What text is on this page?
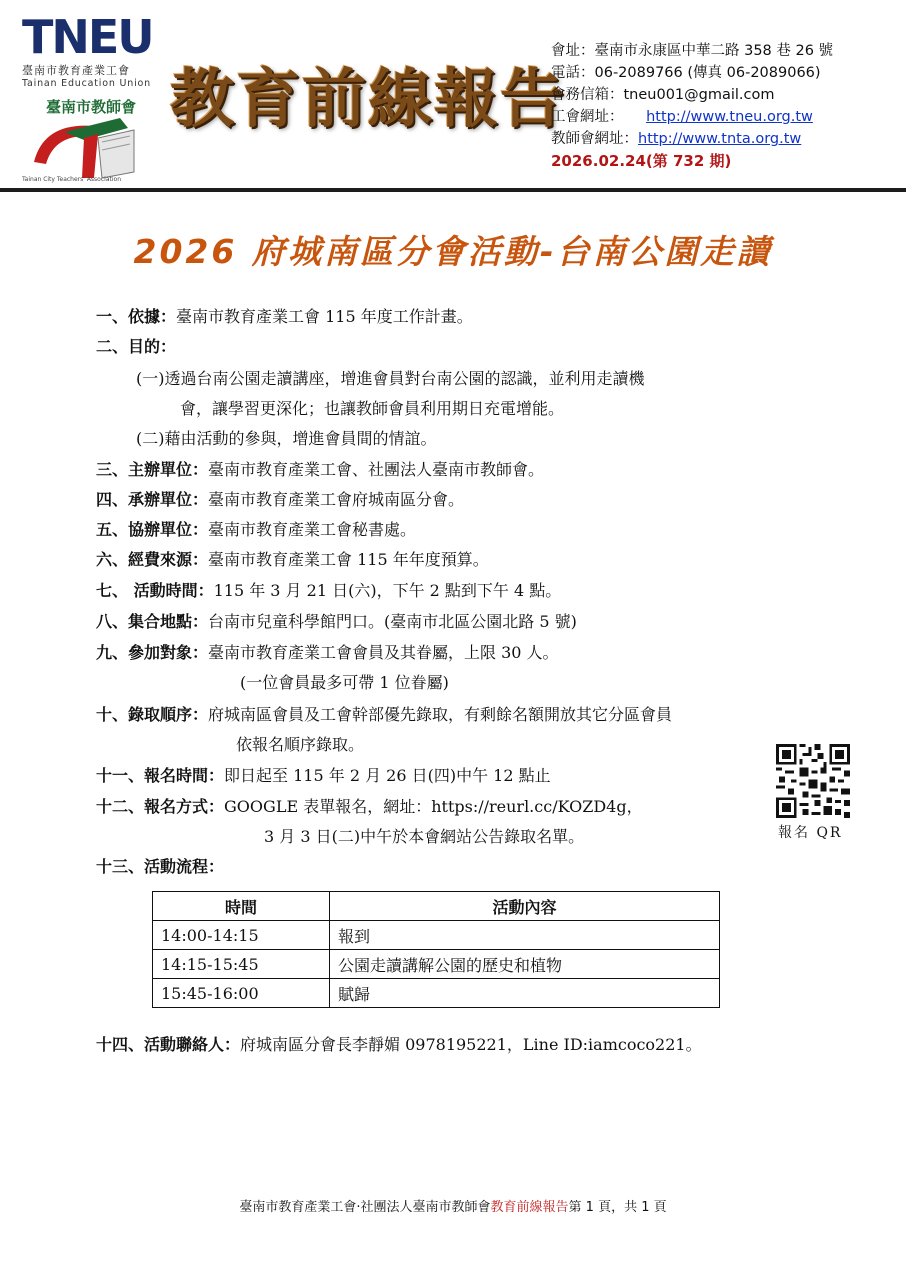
TNEU
臺南市教育產業工會
Tainan Education Union
臺南市教師會
Tainan City Teachers' Association
教育前線報告
會址：臺南市永康區中華二路 358 巷 26 號
電話：06-2089766 (傳真 06-2089066)
會務信箱：tneu001@gmail.com
工會網址： http://www.tneu.org.tw
教師會網址：http://www.tnta.org.tw
2026.02.24(第 732 期)
2026 府城南區分會活動-台南公園走讀
一、依據：臺南市教育產業工會 115 年度工作計畫。
二、目的：
(一)透過台南公園走讀講座，增進會員對台南公園的認識，並利用走讀機
會，讓學習更深化；也讓教師會員利用期日充電增能。
(二)藉由活動的參與，增進會員間的情誼。
三、主辦單位：臺南市教育產業工會、社團法人臺南市教師會。
四、承辦單位：臺南市教育產業工會府城南區分會。
五、協辦單位：臺南市教育產業工會秘書處。
六、經費來源：臺南市教育產業工會 115 年年度預算。
七、 活動時間：115 年 3 月 21 日(六)，下午 2 點到下午 4 點。
八、集合地點：台南市兒童科學館門口。(臺南市北區公園北路 5 號)
九、參加對象：臺南市教育產業工會會員及其眷屬，上限 30 人。
(一位會員最多可帶 1 位眷屬)
十、錄取順序：府城南區會員及工會幹部優先錄取，有剩餘名額開放其它分區會員
依報名順序錄取。
十一、報名時間：即日起至 115 年 2 月 26 日(四)中午 12 點止
十二、報名方式：GOOGLE 表單報名，網址：https://reurl.cc/KOZD4g，
3 月 3 日(二)中午於本會網站公告錄取名單。	報名 QR
十三、活動流程：
時間	活動內容
14:00-14:15	報到
14:15-15:45	公園走讀講解公園的歷史和植物
15:45-16:00	賦歸
十四、活動聯絡人：府城南區分會長李靜媚 0978195221，Line ID:iamcoco221。
臺南市教育產業工會‧社團法人臺南市教師會教育前線報告第 1 頁，共 1 頁
